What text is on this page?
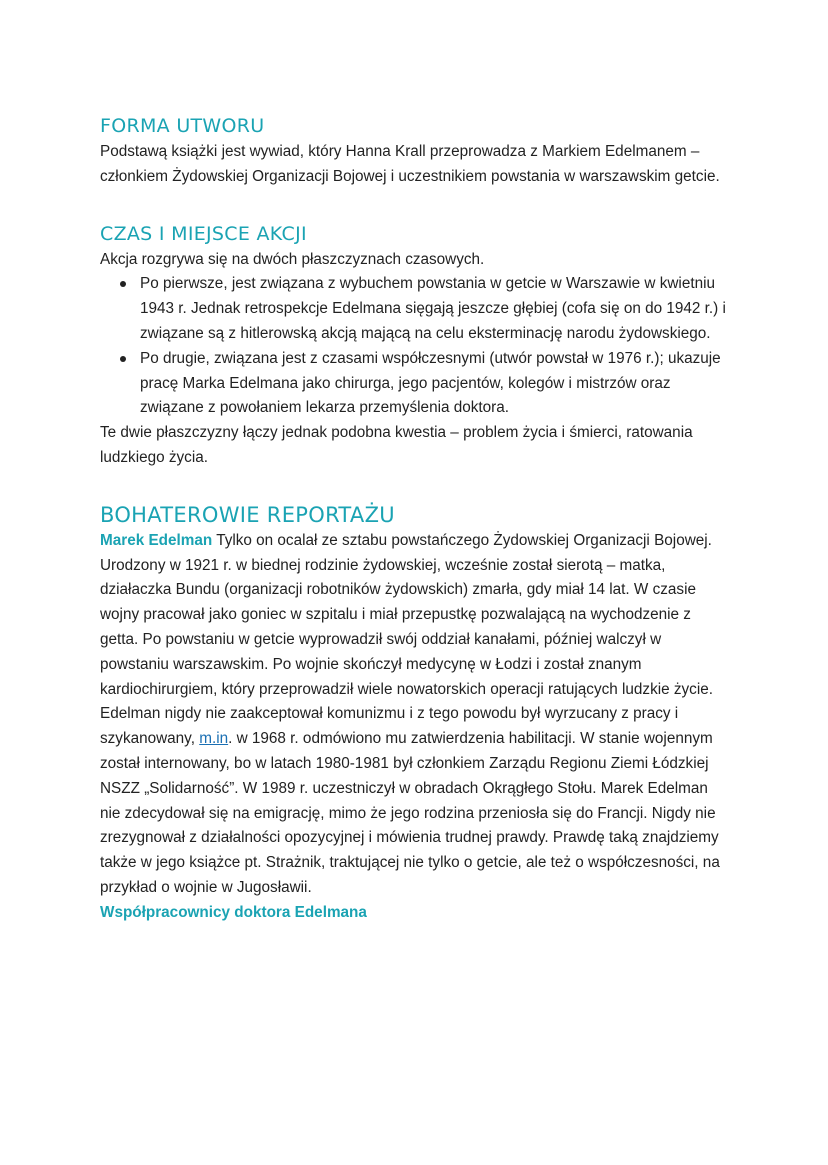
FORMA UTWORU

Podstawą książki jest wywiad, który Hanna Krall przeprowadza z Markiem Edelmanem – członkiem Żydowskiej Organizacji Bojowej i uczestnikiem powstania w warszawskim getcie.

CZAS I MIEJSCE AKCJI

Akcja rozgrywa się na dwóch płaszczyznach czasowych.

Po pierwsze, jest związana z wybuchem powstania w getcie w Warszawie w kwietniu 1943 r. Jednak retrospekcje Edelmana sięgają jeszcze głębiej (cofa się on do 1942 r.) i związane są z hitlerowską akcją mającą na celu eksterminację narodu żydowskiego.
Po drugie, związana jest z czasami współczesnymi (utwór powstał w 1976 r.); ukazuje pracę Marka Edelmana jako chirurga, jego pacjentów, kolegów i mistrzów oraz związane z powołaniem lekarza przemyślenia doktora.

Te dwie płaszczyzny łączy jednak podobna kwestia – problem życia i śmierci, ratowania ludzkiego życia.

BOHATEROWIE REPORTAŻU

Marek Edelman Tylko on ocalał ze sztabu powstańczego Żydowskiej Organizacji Bojowej. Urodzony w 1921 r. w biednej rodzinie żydowskiej, wcześnie został sierotą – matka, działaczka Bundu (organizacji robotników żydowskich) zmarła, gdy miał 14 lat. W czasie wojny pracował jako goniec w szpitalu i miał przepustkę pozwalającą na wychodzenie z getta. Po powstaniu w getcie wyprowadził swój oddział kanałami, później walczył w powstaniu warszawskim. Po wojnie skończył medycynę w Łodzi i został znanym kardiochirurgiem, który przeprowadził wiele nowatorskich operacji ratujących ludzkie życie. Edelman nigdy nie zaakceptował komunizmu i z tego powodu był wyrzucany z pracy i szykanowany, m.in. w 1968 r. odmówiono mu zatwierdzenia habilitacji. W stanie wojennym został internowany, bo w latach 1980-1981 był członkiem Zarządu Regionu Ziemi Łódzkiej NSZZ „Solidarność”. W 1989 r. uczestniczył w obradach Okrągłego Stołu. Marek Edelman nie zdecydował się na emigrację, mimo że jego rodzina przeniosła się do Francji. Nigdy nie zrezygnował z działalności opozycyjnej i mówienia trudnej prawdy. Prawdę taką znajdziemy także w jego książce pt. Strażnik, traktującej nie tylko o getcie, ale też o współczesności, na przykład o wojnie w Jugosławii.

Współpracownicy doktora Edelmana
